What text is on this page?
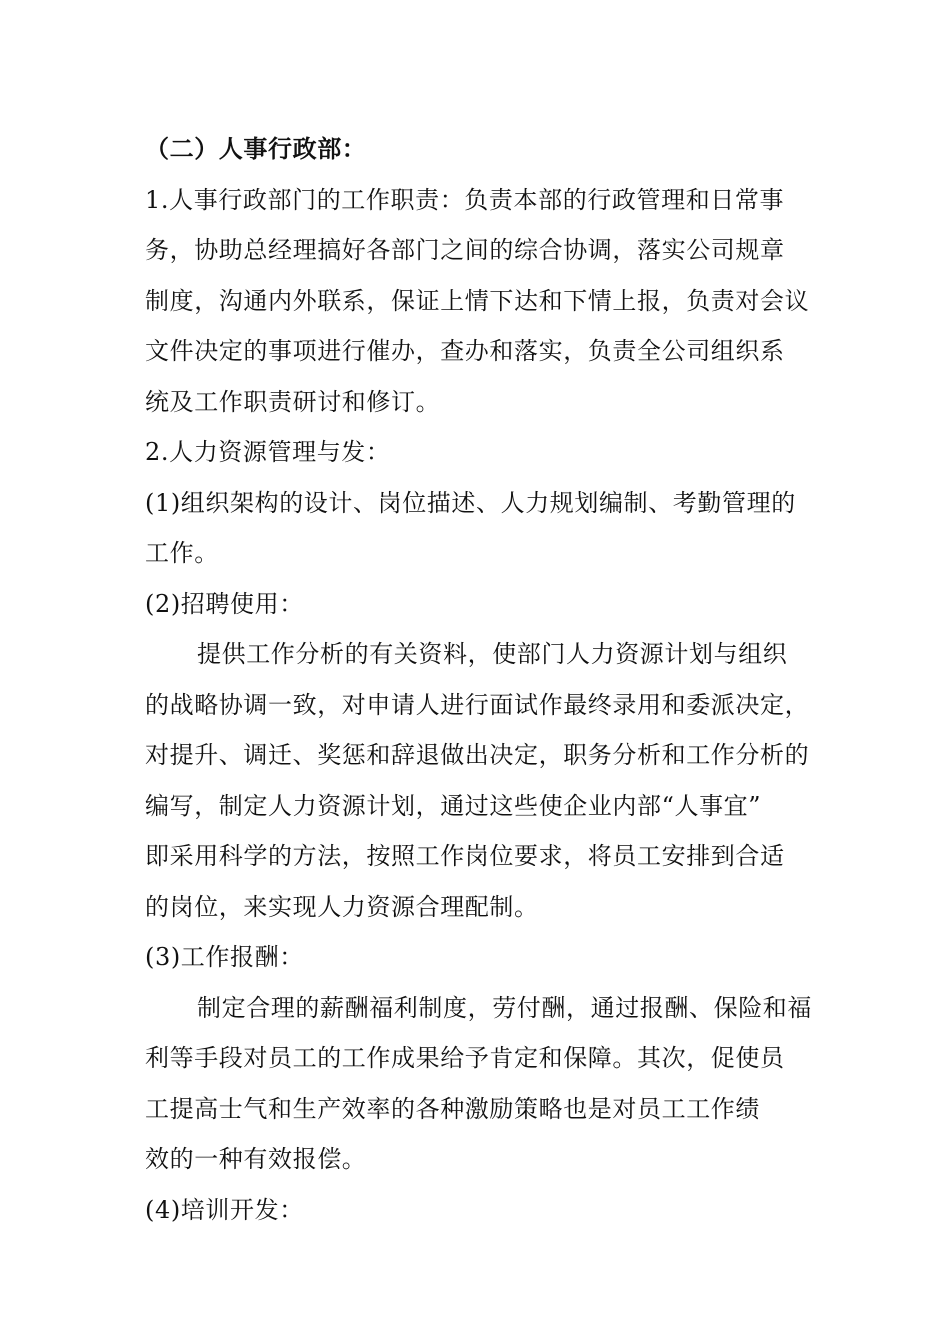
（二）人事行政部：
1.人事行政部门的工作职责：负责本部的行政管理和日常事
务，协助总经理搞好各部门之间的综合协调，落实公司规章
制度，沟通内外联系，保证上情下达和下情上报，负责对会议
文件决定的事项进行催办，查办和落实，负责全公司组织系
统及工作职责研讨和修订。
2.人力资源管理与发：
(1)组织架构的设计、岗位描述、人力规划编制、考勤管理的
工作。
(2)招聘使用：
提供工作分析的有关资料，使部门人力资源计划与组织
的战略协调一致，对申请人进行面试作最终录用和委派决定，
对提升、调迁、奖惩和辞退做出决定，职务分析和工作分析的
编写，制定人力资源计划，通过这些使企业内部“人事宜”
即采用科学的方法，按照工作岗位要求，将员工安排到合适
的岗位，来实现人力资源合理配制。
(3)工作报酬：
制定合理的薪酬福利制度，劳付酬，通过报酬、保险和福
利等手段对员工的工作成果给予肯定和保障。其次，促使员
工提高士气和生产效率的各种激励策略也是对员工工作绩
效的一种有效报偿。
(4)培训开发：
